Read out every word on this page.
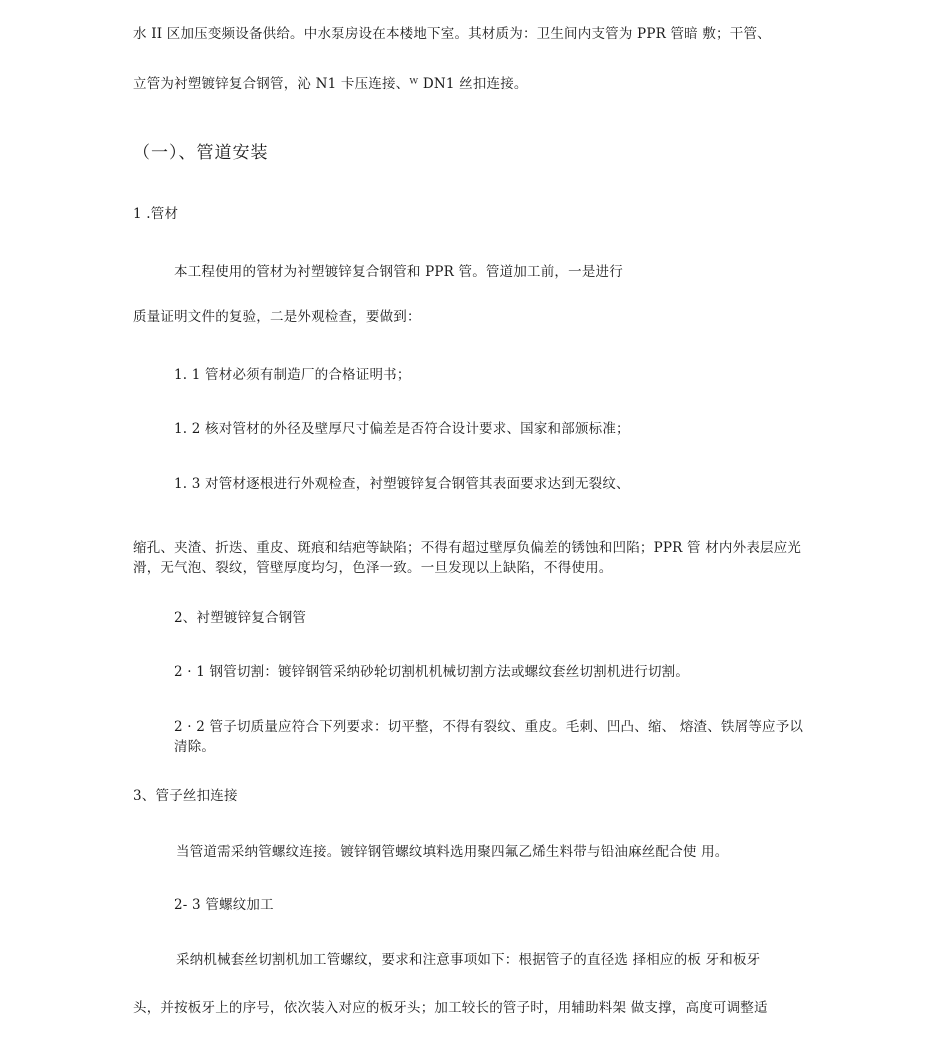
水 II 区加压变频设备供给。中水泵房设在本楼地下室。其材质为：卫生间内支管为 PPR 管暗 敷；干管、
立管为衬塑镀锌复合钢管，沁 N1 卡压连接、ᵂ DN1 丝扣连接。
（一）、管道安装
1 .管材
本工程使用的管材为衬塑镀锌复合钢管和 PPR 管。管道加工前，一是进行
质量证明文件的复验，二是外观检查，要做到：
1. 1 管材必须有制造厂的合格证明书；
1. 2 核对管材的外径及壁厚尺寸偏差是否符合设计要求、国家和部颁标准；
1. 3 对管材逐根进行外观检查，衬塑镀锌复合钢管其表面要求达到无裂纹、
缩孔、夹渣、折迭、重皮、斑痕和结疤等缺陷；不得有超过壁厚负偏差的锈蚀和凹陷；PPR 管 材内外表层应光滑，无气泡、裂纹，管壁厚度均匀，色泽一致。一旦发现以上缺陷，不得使用。
2、衬塑镀锌复合钢管
2 · 1 钢管切割：镀锌钢管采纳砂轮切割机机械切割方法或螺纹套丝切割机进行切割。
2 · 2 管子切质量应符合下列要求：切平整，不得有裂纹、重皮。毛刺、凹凸、缩、 熔渣、铁屑等应予以清除。
3、管子丝扣连接
当管道需采纳管螺纹连接。镀锌钢管螺纹填料选用聚四氟乙烯生料带与铅油麻丝配合使 用。
2- 3 管螺纹加工
采纳机械套丝切割机加工管螺纹，要求和注意事项如下：根据管子的直径选 择相应的板 牙和板牙
头，并按板牙上的序号，依次装入对应的板牙头；加工较长的管子时，用辅助料架 做支撑，高度可调整适
